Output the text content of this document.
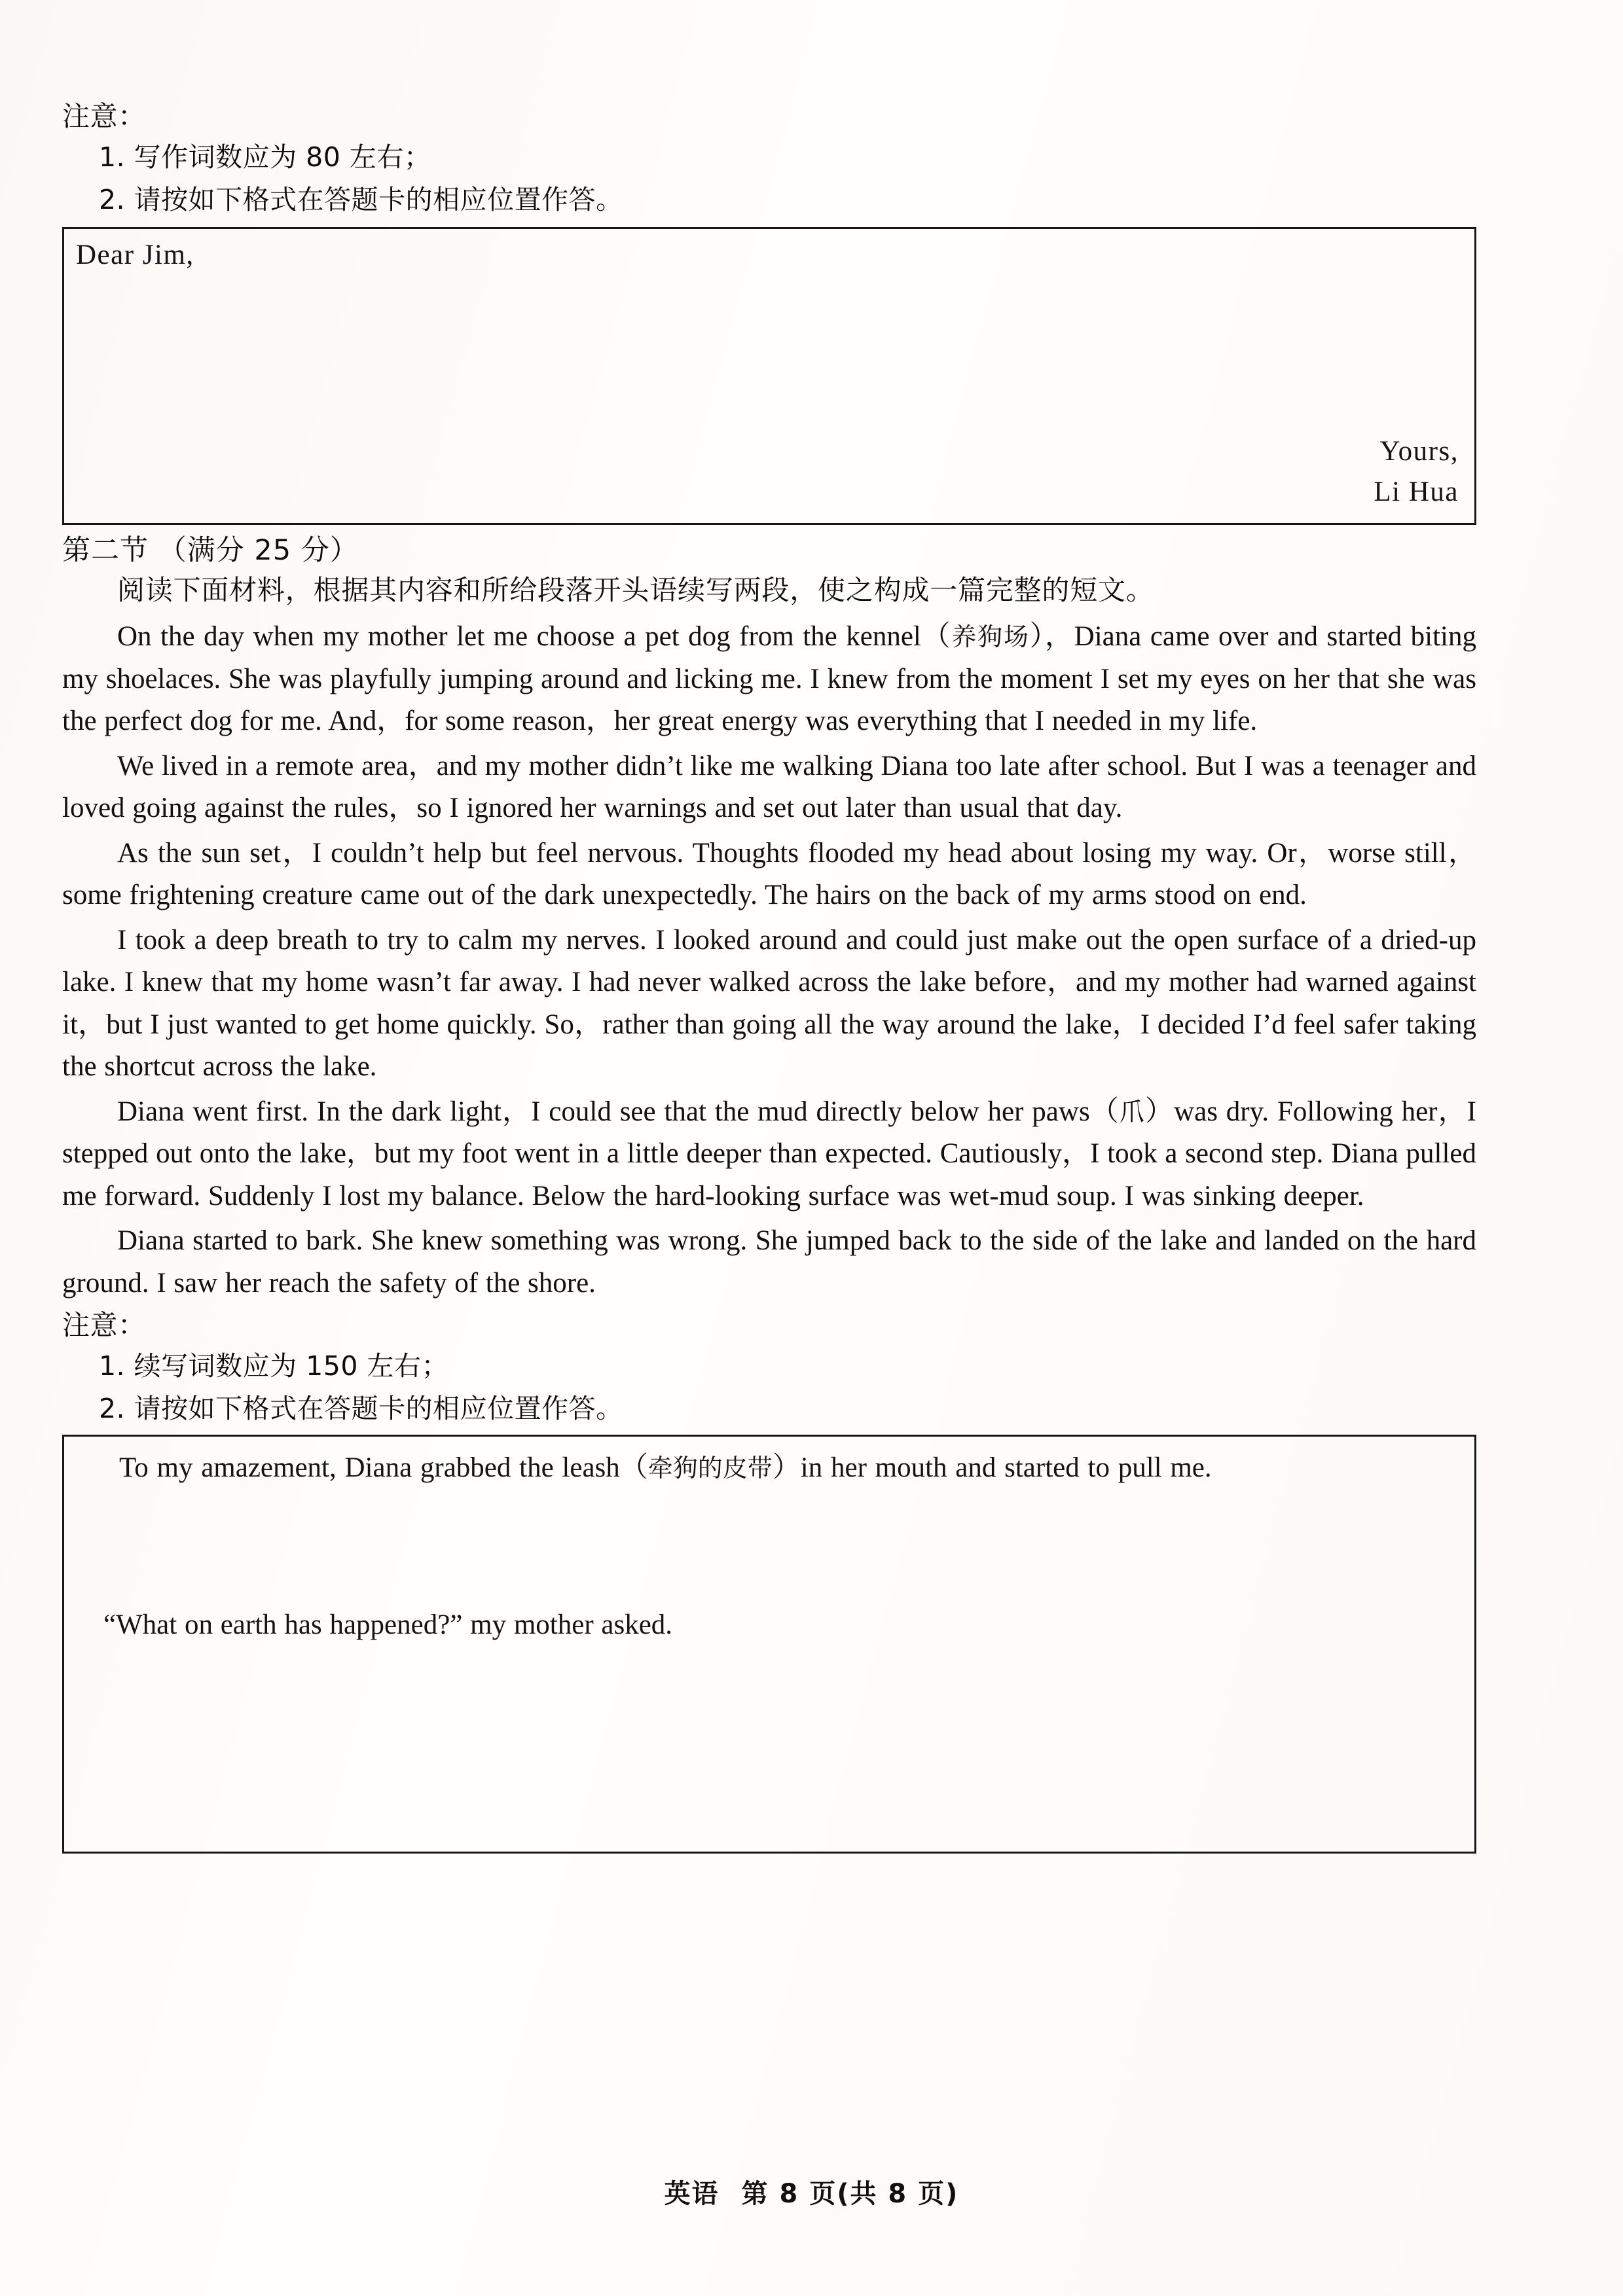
注意：
1. 写作词数应为 80 左右；
2. 请按如下格式在答题卡的相应位置作答。
Dear Jim,
Yours,
Li Hua
第二节 （满分 25 分）
阅读下面材料，根据其内容和所给段落开头语续写两段，使之构成一篇完整的短文。

On the day when my mother let me choose a pet dog from the kennel（养狗场），Diana came over and started biting my shoelaces. She was playfully jumping around and licking me. I knew from the moment I set my eyes on her that she was the perfect dog for me. And，for some reason，her great energy was everything that I needed in my life.

We lived in a remote area，and my mother didn’t like me walking Diana too late after school. But I was a teenager and loved going against the rules，so I ignored her warnings and set out later than usual that day.

As the sun set，I couldn’t help but feel nervous. Thoughts flooded my head about losing my way. Or，worse still，some frightening creature came out of the dark unexpectedly. The hairs on the back of my arms stood on end.

I took a deep breath to try to calm my nerves. I looked around and could just make out the open surface of a dried-up lake. I knew that my home wasn’t far away. I had never walked across the lake before，and my mother had warned against it，but I just wanted to get home quickly. So，rather than going all the way around the lake，I decided I’d feel safer taking the shortcut across the lake.

Diana went first. In the dark light，I could see that the mud directly below her paws（爪）was dry. Following her，I stepped out onto the lake，but my foot went in a little deeper than expected. Cautiously，I took a second step. Diana pulled me forward. Suddenly I lost my balance. Below the hard-looking surface was wet-mud soup. I was sinking deeper.

Diana started to bark. She knew something was wrong. She jumped back to the side of the lake and landed on the hard ground. I saw her reach the safety of the shore.

注意：
1. 续写词数应为 150 左右；
2. 请按如下格式在答题卡的相应位置作答。

To my amazement, Diana grabbed the leash（牵狗的皮带）in her mouth and started to pull me.

“What on earth has happened?” my mother asked.

英语 第 8 页(共 8 页)
